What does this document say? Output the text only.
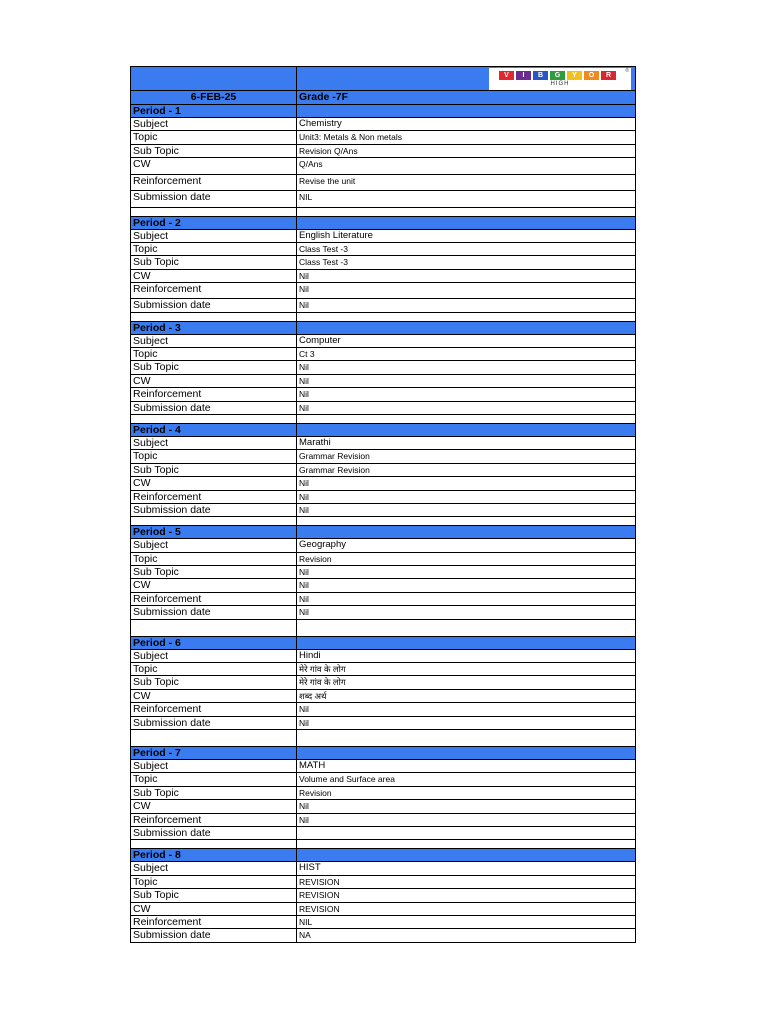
V	I	B	G	Y	O	R
HIGH
®
6-FEB-25	Grade -7F
Period - 1
Subject	Chemistry
Topic	Unit3: Metals & Non metals
Sub Topic	Revision Q/Ans
CW	Q/Ans
Reinforcement	Revise the unit
Submission date	NIL
Period - 2
Subject	English Literature
Topic	Class Test -3
Sub Topic	Class Test -3
CW	Nil
Reinforcement	Nil
Submission date	Nil
Period - 3
Subject	Computer
Topic	Ct 3
Sub Topic	Nil
CW	Nil
Reinforcement	Nil
Submission date	Nil
Period - 4
Subject	Marathi
Topic	Grammar Revision
Sub Topic	Grammar Revision
CW	Nil
Reinforcement	Nil
Submission date	Nil
Period - 5
Subject	Geography
Topic	Revision
Sub Topic	Nil
CW	Nil
Reinforcement	Nil
Submission date	Nil
Period - 6
Subject	Hindi
Topic	मेरे गांव के लोग
Sub Topic	मेरे गांव के लोग
CW	शब्द अर्थ
Reinforcement	Nil
Submission date	Nil
Period - 7
Subject	MATH
Topic	Volume and Surface area
Sub Topic	Revision
CW	Nil
Reinforcement	Nil
Submission date
Period - 8
Subject	HIST
Topic	REVISION
Sub Topic	REVISION
CW	REVISION
Reinforcement	NIL
Submission date	NA
